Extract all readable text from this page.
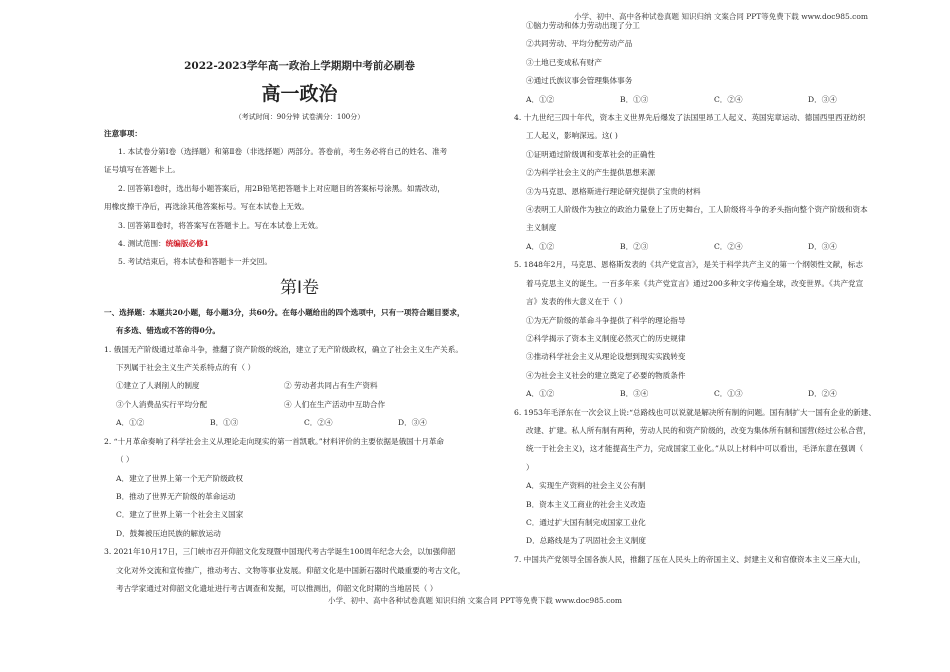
小学、初中、高中各种试卷真题 知识归纳 文案合同 PPT等免费下载 www.doc985.com
2022-2023学年高一政治上学期期中考前必刷卷
高一政治
（考试时间：90分钟 试卷满分：100分）
注意事项：
1. 本试卷分第Ⅰ卷（选择题）和第Ⅱ卷（非选择题）两部分。答卷前，考生务必将自己的姓名、准考
证号填写在答题卡上。
2. 回答第Ⅰ卷时，选出每小题答案后，用2B铅笔把答题卡上对应题目的答案标号涂黑。如需改动，
用橡皮擦干净后，再选涂其他答案标号。写在本试卷上无效。
3. 回答第Ⅱ卷时，将答案写在答题卡上。写在本试卷上无效。
4. 测试范围：统编版必修1
5. 考试结束后，将本试卷和答题卡一并交回。
第Ⅰ卷
一、选择题：本题共20小题，每小题3分，共60分。在每小题给出的四个选项中，只有一项符合题目要求，
有多选、错选或不答的得0分。
1. 俄国无产阶级通过革命斗争，推翻了资产阶级的统治，建立了无产阶级政权，确立了社会主义生产关系。
下列属于社会主义生产关系特点的有（ ）
①建立了人剥削人的制度	② 劳动者共同占有生产资料
③个人消费品实行平均分配	④ 人们在生产活动中互助合作
A．①②	B．①③	C．②④	D．③④
2. “十月革命奏响了科学社会主义从理论走向现实的第一首凯歌。”材料评价的主要依据是俄国十月革命
（ ）
A．建立了世界上第一个无产阶级政权
B．推动了世界无产阶级的革命运动
C．建立了世界上第一个社会主义国家
D．鼓舞被压迫民族的解放运动
3. 2021年10月17日，三门峡市召开仰韶文化发现暨中国现代考古学诞生100周年纪念大会，以加强仰韶
文化对外交流和宣传推广，推动考古、文物等事业发展。仰韶文化是中国新石器时代最重要的考古文化，
考古学家通过对仰韶文化遗址进行考古调查和发掘，可以推测出，仰韶文化时期的当地居民（ ）
①脑力劳动和体力劳动出现了分工
②共同劳动、平均分配劳动产品
③土地已变成私有财产
④通过氏族议事会管理集体事务
A．①②	B．①③	C．②④	D．③④
4. 十九世纪三四十年代，资本主义世界先后爆发了法国里昂工人起义、英国宪章运动、德国西里西亚纺织
工人起义，影响深远。这( )
①证明通过阶级调和变革社会的正确性
②为科学社会主义的产生提供思想来源
③为马克思、恩格斯进行理论研究提供了宝贵的材料
④表明工人阶级作为独立的政治力量登上了历史舞台，工人阶级将斗争的矛头指向整个资产阶级和资本
主义制度
A．①②	B．②③	C．②④	D．③④
5. 1848年2月，马克思、恩格斯发表的《共产党宣言》，是关于科学共产主义的第一个纲领性文献，标志
着马克思主义的诞生。一百多年来《共产党宣言》通过200多种文字传遍全球，改变世界。《共产党宣
言》发表的伟大意义在于（ ）
①为无产阶级的革命斗争提供了科学的理论指导
②科学揭示了资本主义制度必然灭亡的历史规律
③推动科学社会主义从理论设想到现实实践转变
④为社会主义社会的建立奠定了必要的物质条件
A．①②	B．③④	C．①③	D．②④
6. 1953年毛泽东在一次会议上说:“总路线也可以说就是解决所有制的问题。国有制扩大一国有企业的新建、
改建、扩建。私人所有制有两种，劳动人民的和资产阶级的，改变为集体所有制和国营(经过公私合营，
统一于社会主义)，这才能提高生产力，完成国家工业化。”从以上材料中可以看出，毛泽东意在强调（
）
A．实现生产资料的社会主义公有制
B．资本主义工商业的社会主义改造
C．通过扩大国有制完成国家工业化
D．总路线是为了巩固社会主义制度
7. 中国共产党领导全国各族人民，推翻了压在人民头上的帝国主义、封建主义和官僚资本主义三座大山，
小学、初中、高中各种试卷真题 知识归纳 文案合同 PPT等免费下载 www.doc985.com
